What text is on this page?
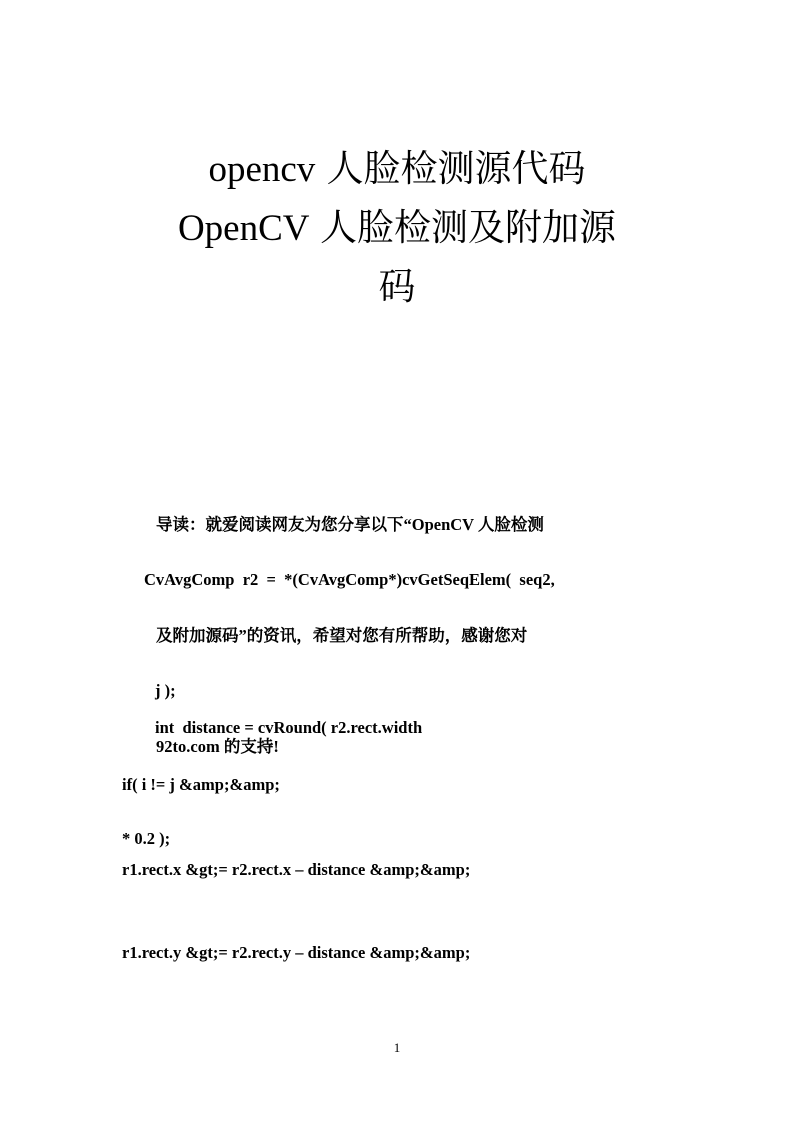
opencv 人脸检测源代码
OpenCV 人脸检测及附加源
码

导读：就爱阅读网友为您分享以下“OpenCV 人脸检测

及附加源码”的资讯，希望对您有所帮助，感谢您对

92to.com 的支持!

CvAvgComp  r2  =  *(CvAvgComp*)cvGetSeqElem(  seq2,

j );
int  distance = cvRound( r2.rect.width

* 0.2 );

if( i != j &amp;&amp;

r1.rect.x &gt;= r2.rect.x – distance &amp;&amp;

r1.rect.y &gt;= r2.rect.y – distance &amp;&amp;

1
